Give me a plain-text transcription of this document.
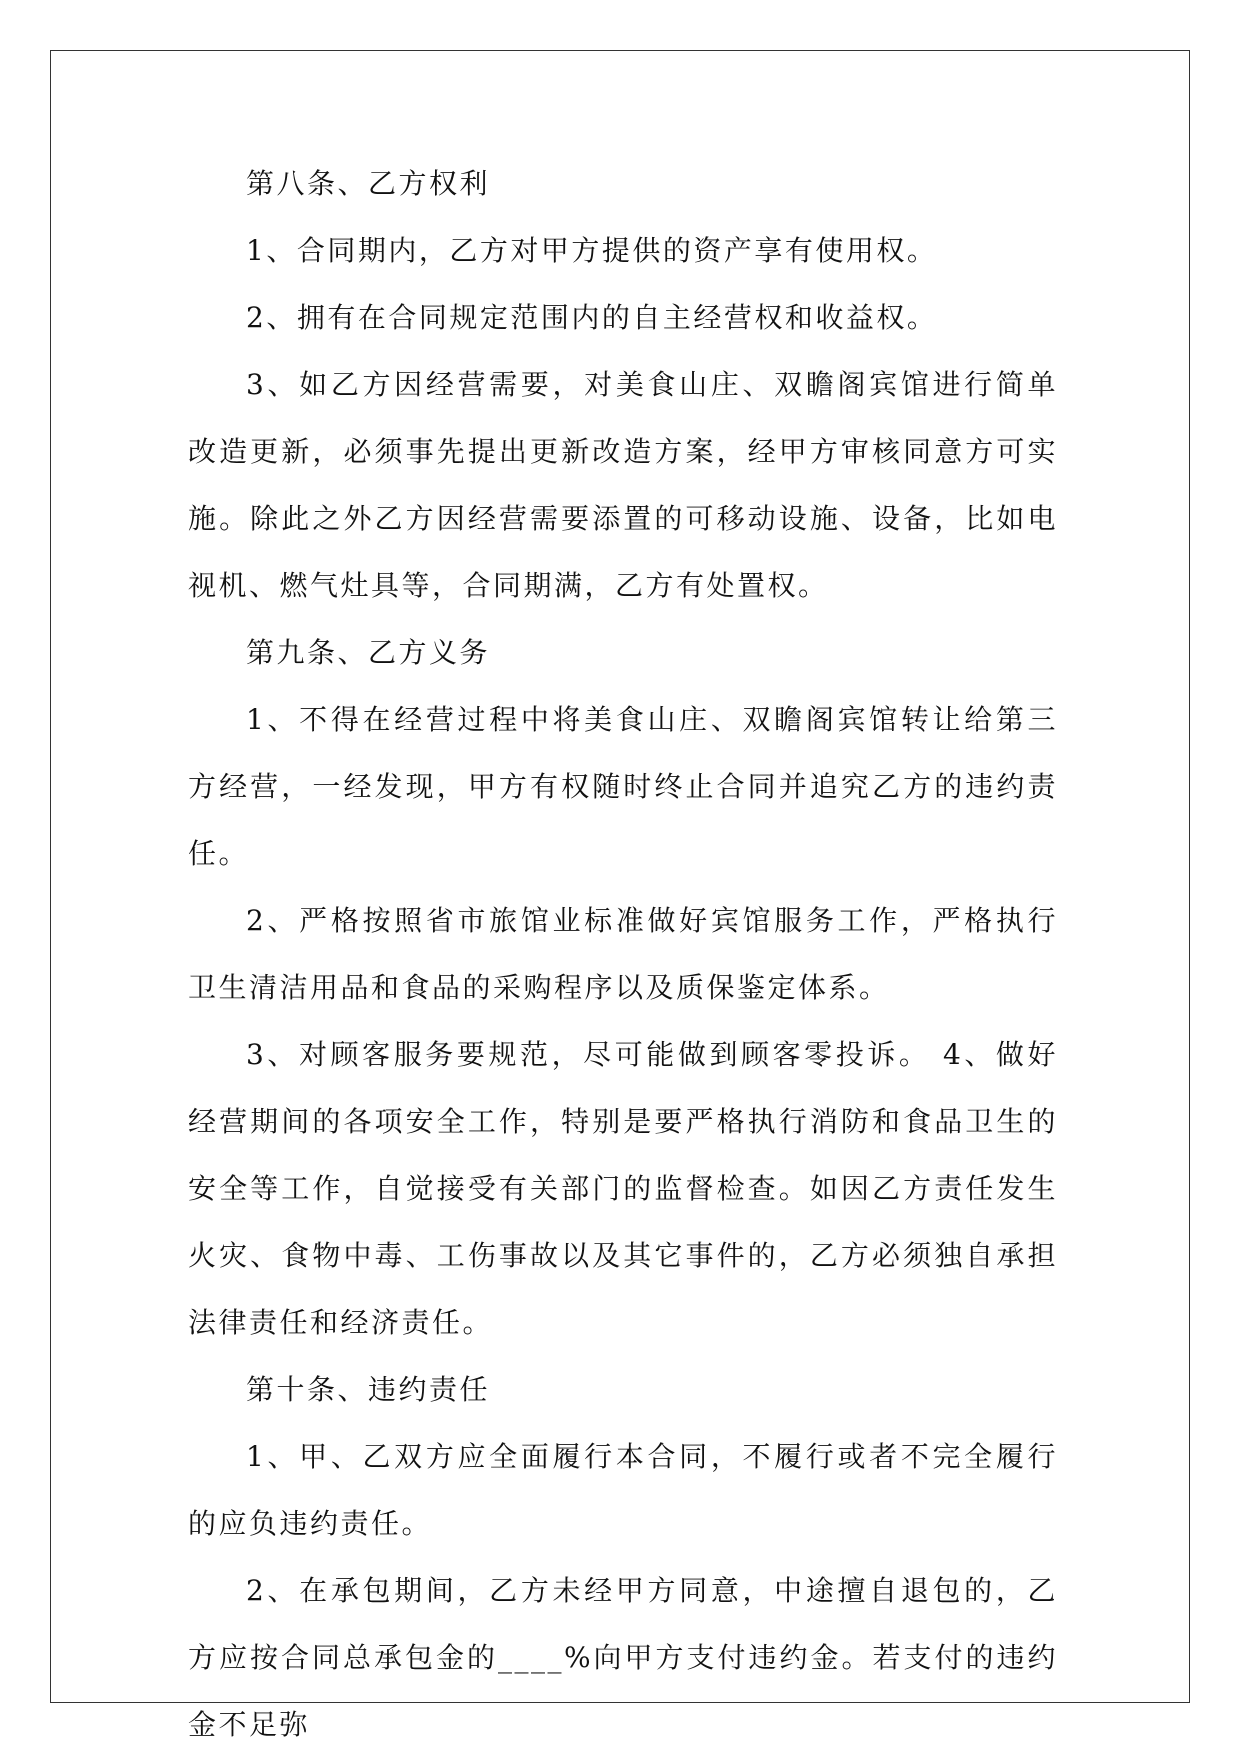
第八条、乙方权利

1、合同期内，乙方对甲方提供的资产享有使用权。

2、拥有在合同规定范围内的自主经营权和收益权。

3、如乙方因经营需要，对美食山庄、双瞻阁宾馆进行简单改造更新，必须事先提出更新改造方案，经甲方审核同意方可实施。除此之外乙方因经营需要添置的可移动设施、设备，比如电视机、燃气灶具等，合同期满，乙方有处置权。

第九条、乙方义务

1、不得在经营过程中将美食山庄、双瞻阁宾馆转让给第三方经营，一经发现，甲方有权随时终止合同并追究乙方的违约责任。

2、严格按照省市旅馆业标准做好宾馆服务工作，严格执行卫生清洁用品和食品的采购程序以及质保鉴定体系。

3、对顾客服务要规范，尽可能做到顾客零投诉。 4、做好经营期间的各项安全工作，特别是要严格执行消防和食品卫生的安全等工作，自觉接受有关部门的监督检查。如因乙方责任发生火灾、食物中毒、工伤事故以及其它事件的，乙方必须独自承担法律责任和经济责任。

第十条、违约责任

1、甲、乙双方应全面履行本合同，不履行或者不完全履行的应负违约责任。

2、在承包期间，乙方未经甲方同意，中途擅自退包的，乙方应按合同总承包金的____%向甲方支付违约金。若支付的违约金不足弥
